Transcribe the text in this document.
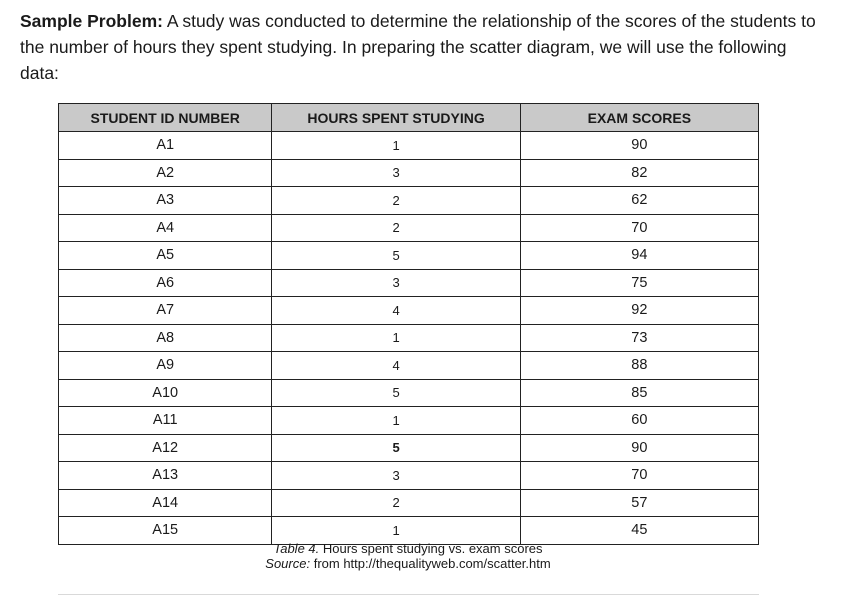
Sample Problem: A study was conducted to determine the relationship of the scores of the students to the number of hours they spent studying. In preparing the scatter diagram, we will use the following data:

STUDENT ID NUMBER	HOURS SPENT STUDYING	EXAM SCORES
A1	1	90
A2	3	82
A3	2	62
A4	2	70
A5	5	94
A6	3	75
A7	4	92
A8	1	73
A9	4	88
A10	5	85
A11	1	60
A12	5	90
A13	3	70
A14	2	57
A15	1	45
Table 4. Hours spent studying vs. exam scores
Source: from http://thequalityweb.com/scatter.htm
